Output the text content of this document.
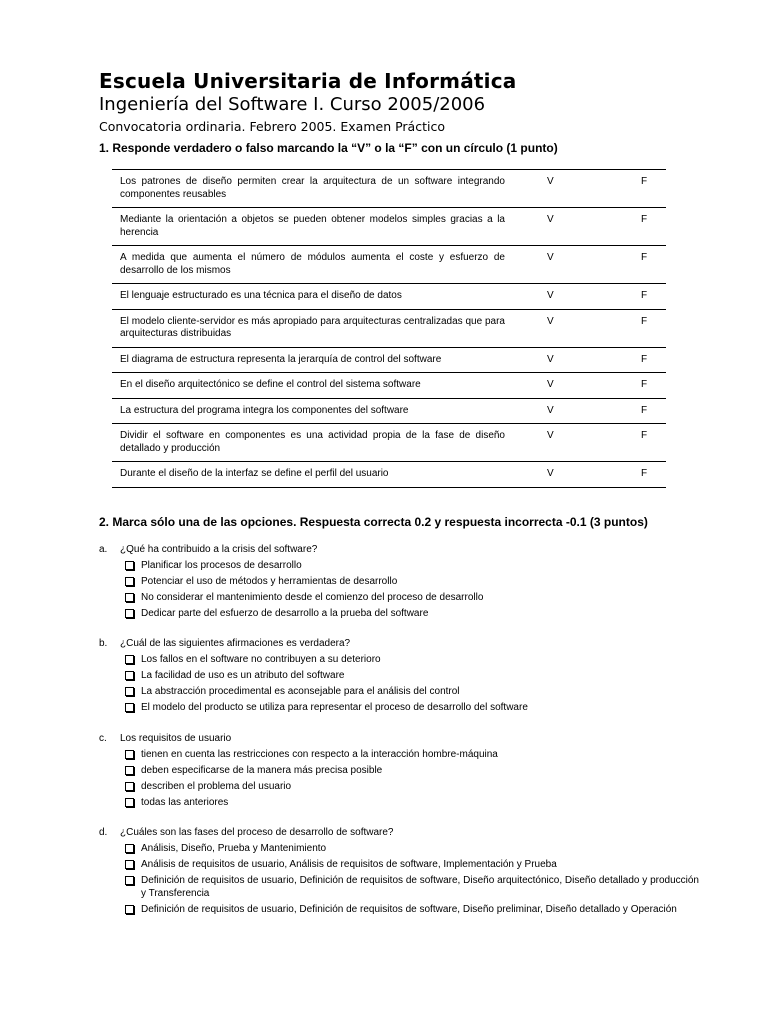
Escuela Universitaria de Informática
Ingeniería del Software I. Curso 2005/2006
Convocatoria ordinaria. Febrero 2005. Examen Práctico
1. Responde verdadero o falso marcando la “V” o la “F” con un círculo (1 punto)
Los patrones de diseño permiten crear la arquitectura de un software integrando componentes reusables	V	F
Mediante la orientación a objetos se pueden obtener modelos simples gracias a la herencia	V	F
A medida que aumenta el número de módulos aumenta el coste y esfuerzo de desarrollo de los mismos	V	F
El lenguaje estructurado es una técnica para el diseño de datos	V	F
El modelo cliente-servidor es más apropiado para arquitecturas centralizadas que para arquitecturas distribuidas	V	F
El diagrama de estructura representa la jerarquía de control del software	V	F
En el diseño arquitectónico se define el control del sistema software	V	F
La estructura del programa integra los componentes del software	V	F
Dividir el software en componentes es una actividad propia de la fase de diseño detallado y producción	V	F
Durante el diseño de la interfaz se define el perfil del usuario	V	F
2. Marca sólo una de las opciones. Respuesta correcta 0.2 y respuesta incorrecta -0.1 (3 puntos)
a. ¿Qué ha contribuido a la crisis del software?
Planificar los procesos de desarrollo
Potenciar el uso de métodos y herramientas de desarrollo
No considerar el mantenimiento desde el comienzo del proceso de desarrollo
Dedicar parte del esfuerzo de desarrollo a la prueba del software
b. ¿Cuál de las siguientes afirmaciones es verdadera?
Los fallos en el software no contribuyen a su deterioro
La facilidad de uso es un atributo del software
La abstracción procedimental es aconsejable para el análisis del control
El modelo del producto se utiliza para representar el proceso de desarrollo del software
c. Los requisitos de usuario
tienen en cuenta las restricciones con respecto a la interacción hombre-máquina
deben especificarse de la manera más precisa posible
describen el problema del usuario
todas las anteriores
d. ¿Cuáles son las fases del proceso de desarrollo de software?
Análisis, Diseño, Prueba y Mantenimiento
Análisis de requisitos de usuario, Análisis de requisitos de software, Implementación y Prueba
Definición de requisitos de usuario, Definición de requisitos de software, Diseño arquitectónico, Diseño detallado y producción y Transferencia
Definición de requisitos de usuario, Definición de requisitos de software, Diseño preliminar, Diseño detallado y Operación
